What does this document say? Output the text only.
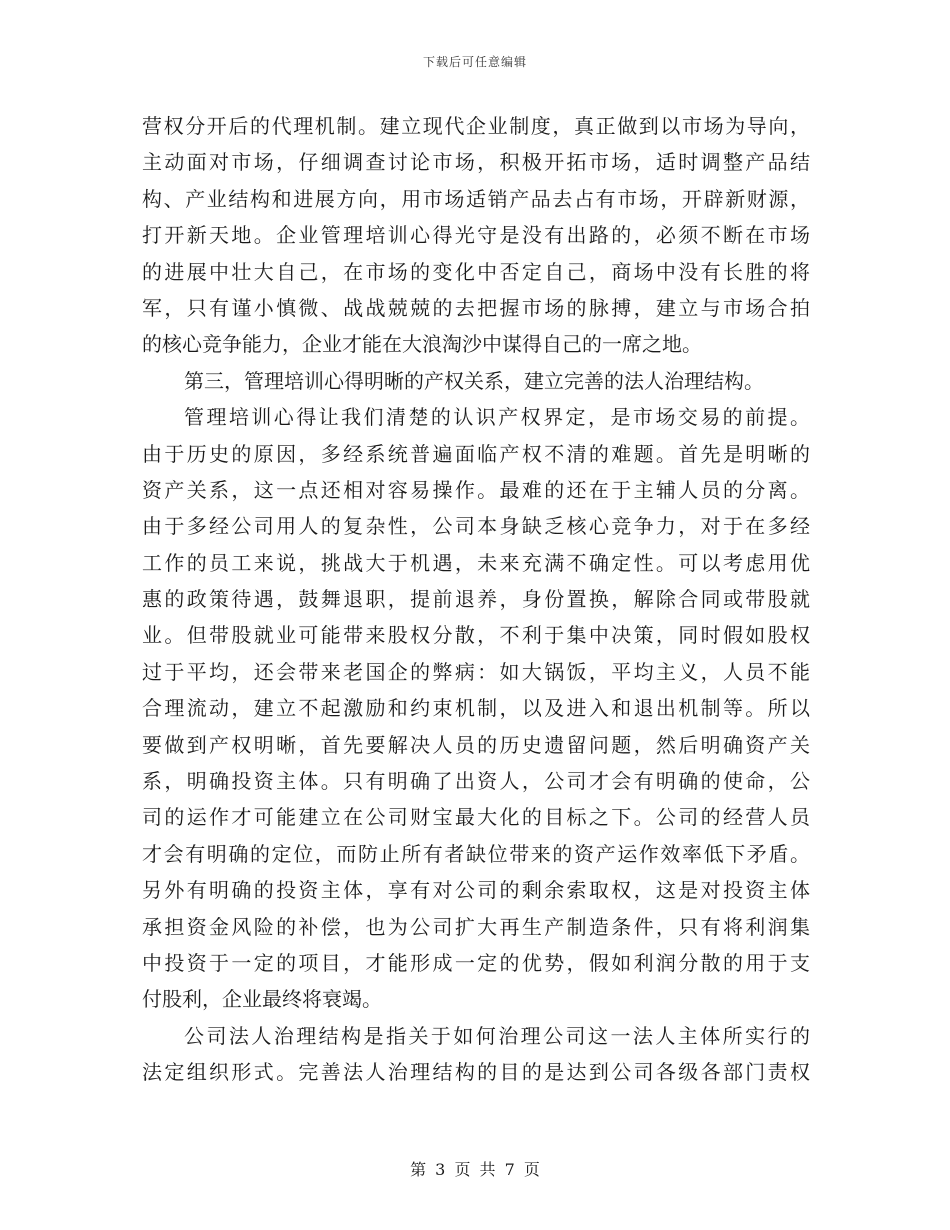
下载后可任意编辑
营权分开后的代理机制。建立现代企业制度，真正做到以市场为导向，
主动面对市场，仔细调查讨论市场，积极开拓市场，适时调整产品结
构、产业结构和进展方向，用市场适销产品去占有市场，开辟新财源，
打开新天地。企业管理培训心得光守是没有出路的，必须不断在市场
的进展中壮大自己，在市场的变化中否定自己，商场中没有长胜的将
军，只有谨小慎微、战战兢兢的去把握市场的脉搏，建立与市场合拍
的核心竞争能力，企业才能在大浪淘沙中谋得自己的一席之地。
第三，管理培训心得明晰的产权关系，建立完善的法人治理结构。
管理培训心得让我们清楚的认识产权界定，是市场交易的前提。
由于历史的原因，多经系统普遍面临产权不清的难题。首先是明晰的
资产关系，这一点还相对容易操作。最难的还在于主辅人员的分离。
由于多经公司用人的复杂性，公司本身缺乏核心竞争力，对于在多经
工作的员工来说，挑战大于机遇，未来充满不确定性。可以考虑用优
惠的政策待遇，鼓舞退职，提前退养，身份置换，解除合同或带股就
业。但带股就业可能带来股权分散，不利于集中决策，同时假如股权
过于平均，还会带来老国企的弊病：如大锅饭，平均主义，人员不能
合理流动，建立不起激励和约束机制，以及进入和退出机制等。所以
要做到产权明晰，首先要解决人员的历史遗留问题，然后明确资产关
系，明确投资主体。只有明确了出资人，公司才会有明确的使命，公
司的运作才可能建立在公司财宝最大化的目标之下。公司的经营人员
才会有明确的定位，而防止所有者缺位带来的资产运作效率低下矛盾。
另外有明确的投资主体，享有对公司的剩余索取权，这是对投资主体
承担资金风险的补偿，也为公司扩大再生产制造条件，只有将利润集
中投资于一定的项目，才能形成一定的优势，假如利润分散的用于支
付股利，企业最终将衰竭。
公司法人治理结构是指关于如何治理公司这一法人主体所实行的
法定组织形式。完善法人治理结构的目的是达到公司各级各部门责权
第 3 页 共 7 页
